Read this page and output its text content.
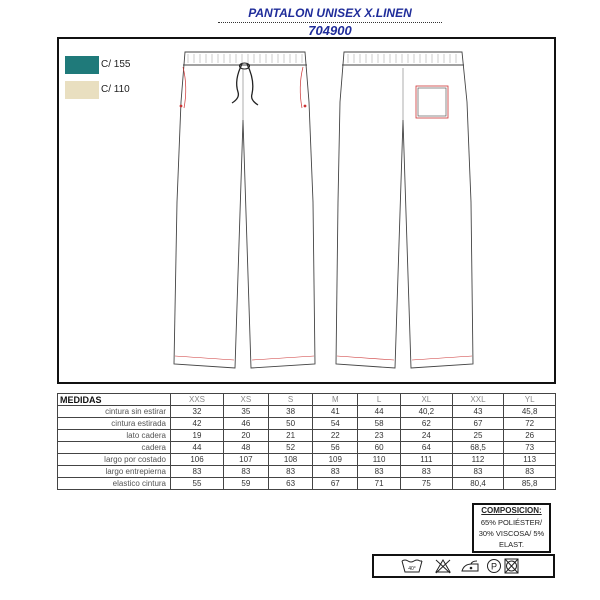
PANTALON UNISEX X.LINEN
704900
C/ 155
C/ 110
MEDIDAS	XXS	XS	S	M	L	XL	XXL	YL
cintura sin estirar	32	35	38	41	44	40,2	43	45,8
cintura estirada	42	46	50	54	58	62	67	72
lato cadera	19	20	21	22	23	24	25	26
cadera	44	48	52	56	60	64	68,5	73
largo por costado	106	107	108	109	110	111	112	113
largo entrepierna	83	83	83	83	83	83	83	83
elastico cintura	55	59	63	67	71	75	80,4	85,8
COMPOSICION:
65% POLIÉSTER/
30% VISCOSA/ 5%
ELAST.
40°	P
